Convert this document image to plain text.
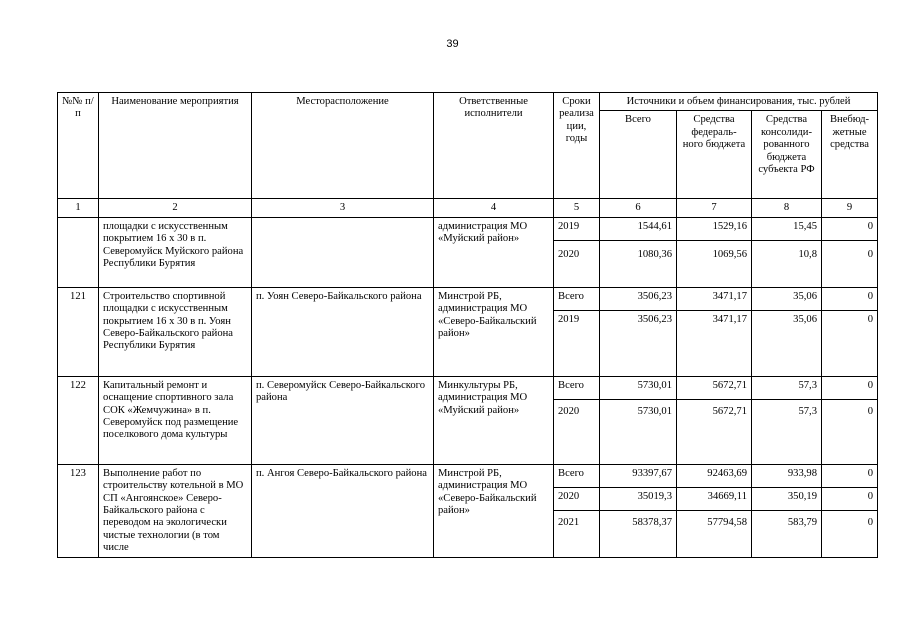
39
№№ п/п	Наименование мероприятия	Месторасположение	Ответственные исполнители	Сроки реализа ции, годы	Источники и объем финансирования, тыс. рублей			
					Всего	Средства федераль- ного бюджета	Средства консолиди- рованного бюджета субъекта РФ	Внебюд- жетные средства
1	2	3	4	5	6	7	8	9
	площадки с искусственным покрытием 16 х 30 в п. Северомуйск Муйского района Республики Бурятия		администрация МО «Муйский район»	2019	1544,61	1529,16	15,45	0
				2020	1080,36	1069,56	10,8	0
121	Строительство спортивной площадки с искусственным покрытием 16 х 30 в п. Уоян Северо-Байкальского района Республики Бурятия	п. Уоян Северо-Байкальского района	Минстрой РБ, администрация МО «Северо-Байкальский район»	Всего	3506,23	3471,17	35,06	0
				2019	3506,23	3471,17	35,06	0
122	Капитальный ремонт и оснащение спортивного зала СОК «Жемчужина» в п. Северомуйск под размещение поселкового дома культуры	п. Северомуйск Северо-Байкальского района	Минкультуры РБ, администрация МО «Муйский район»	Всего	5730,01	5672,71	57,3	0
				2020	5730,01	5672,71	57,3	0
123	Выполнение работ по строительству котельной в МО СП «Ангоянское» Северо-Байкальского района с переводом на экологически чистые технологии (в том числе	п. Ангоя Северо-Байкальского района	Минстрой РБ, администрация МО «Северо-Байкальский район»	Всего	93397,67	92463,69	933,98	0
				2020	35019,3	34669,11	350,19	0
				2021	58378,37	57794,58	583,79	0
